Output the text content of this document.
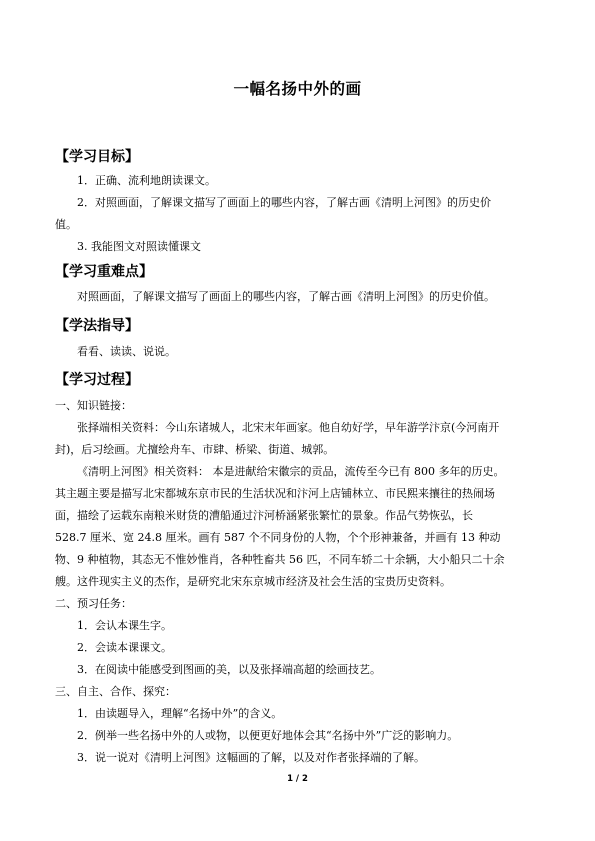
一幅名扬中外的画
【学习目标】
1．正确、流利地朗读课文。
2．对照画面，了解课文描写了画面上的哪些内容，了解古画《清明上河图》的历史价
值。
3. 我能图文对照读懂课文
【学习重难点】
对照画面，了解课文描写了画面上的哪些内容，了解古画《清明上河图》的历史价值。
【学法指导】
看看、读读、说说。
【学习过程】
一、知识链接：
张择端相关资料：今山东诸城人，北宋末年画家。他自幼好学，早年游学汴京(今河南开
封)，后习绘画。尤擅绘舟车、市肆、桥梁、街道、城郭。
《清明上河图》相关资料： 本是进献给宋徽宗的贡品，流传至今已有 800 多年的历史。
其主题主要是描写北宋都城东京市民的生活状况和汴河上店铺林立、市民熙来攘往的热闹场
面，描绘了运载东南粮米财货的漕船通过汴河桥涵紧张繁忙的景象。作品气势恢弘，长
528.7 厘米、宽 24.8 厘米。画有 587 个不同身份的人物，个个形神兼备，并画有 13 种动
物、9 种植物，其态无不惟妙惟肖，各种牲畜共 56 匹，不同车轿二十余辆，大小船只二十余
艘。这件现实主义的杰作，是研究北宋东京城市经济及社会生活的宝贵历史资料。
二、预习任务：
1．会认本课生字。
2．会读本课课文。
3．在阅读中能感受到图画的美，以及张择端高超的绘画技艺。
三、自主、合作、探究：
1．由读题导入，理解“名扬中外”的含义。
2．例举一些名扬中外的人或物，以便更好地体会其“名扬中外”广泛的影响力。
3．说一说对《清明上河图》这幅画的了解，以及对作者张择端的了解。
1 / 2
